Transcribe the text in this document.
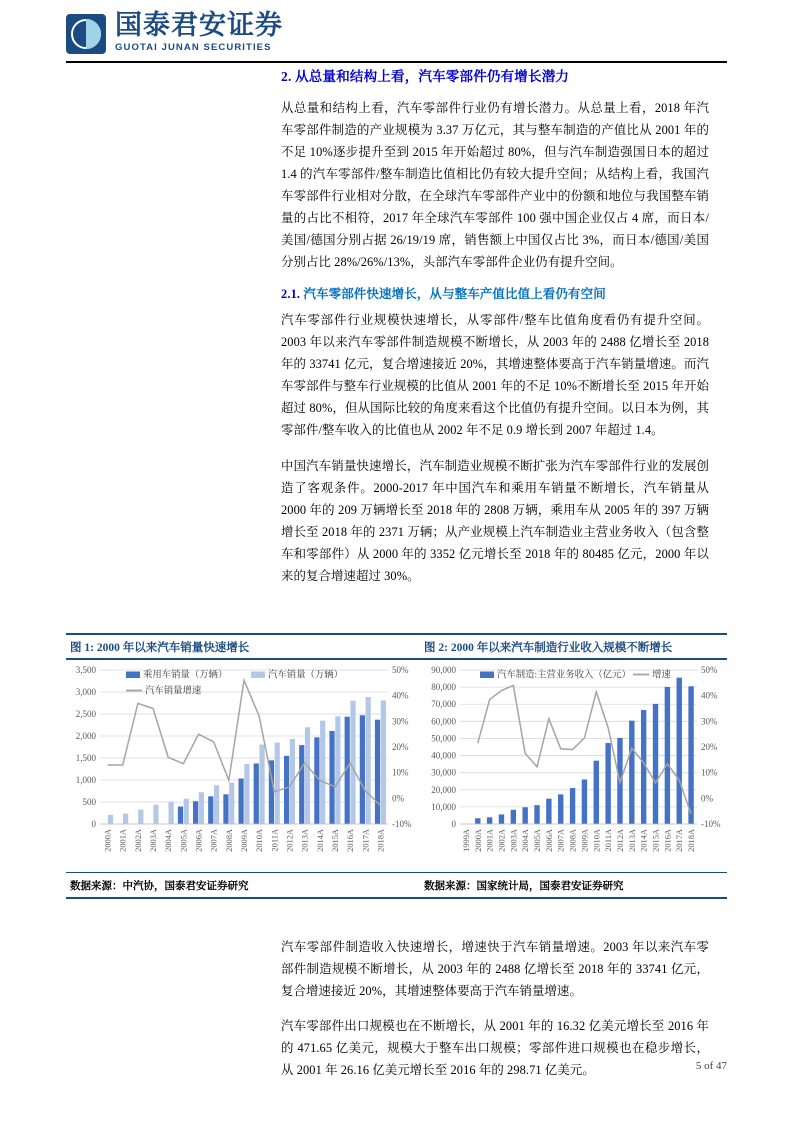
国泰君安证券
GUOTAI JUNAN SECURITIES
2. 从总量和结构上看，汽车零部件仍有增长潜力

从总量和结构上看，汽车零部件行业仍有增长潜力。从总量上看，2018 年汽车零部件制造的产业规模为 3.37 万亿元，其与整车制造的产值比从 2001 年的不足 10%逐步提升至到 2015 年开始超过 80%，但与汽车制造强国日本的超过 1.4 的汽车零部件/整车制造比值相比仍有较大提升空间；从结构上看，我国汽车零部件行业相对分散，在全球汽车零部件产业中的份额和地位与我国整车销量的占比不相符，2017 年全球汽车零部件 100 强中国企业仅占 4 席，而日本/美国/德国分别占据 26/19/19 席，销售额上中国仅占比 3%，而日本/德国/美国分别占比 28%/26%/13%，头部汽车零部件企业仍有提升空间。

2.1. 汽车零部件快速增长，从与整车产值比值上看仍有空间

汽车零部件行业规模快速增长，从零部件/整车比值角度看仍有提升空间。2003 年以来汽车零部件制造规模不断增长，从 2003 年的 2488 亿增长至 2018 年的 33741 亿元，复合增速接近 20%，其增速整体要高于汽车销量增速。而汽车零部件与整车行业规模的比值从 2001 年的不足 10%不断增长至 2015 年开始超过 80%，但从国际比较的角度来看这个比值仍有提升空间。以日本为例，其零部件/整车收入的比值也从 2002 年不足 0.9 增长到 2007 年超过 1.4。

中国汽车销量快速增长，汽车制造业规模不断扩张为汽车零部件行业的发展创造了客观条件。2000-2017 年中国汽车和乘用车销量不断增长，汽车销量从 2000 年的 209 万辆增长至 2018 年的 2808 万辆，乘用车从 2005 年的 397 万辆增长至 2018 年的 2371 万辆；从产业规模上汽车制造业主营业务收入（包含整车和零部件）从 2000 年的 3352 亿元增长至 2018 年的 80485 亿元，2000 年以来的复合增速超过 30%。

图 1: 2000 年以来汽车销量快速增长	图 2: 2000 年以来汽车制造行业收入规模不断增长
0
500
1,000
1,500
2,000
2,500
3,000
3,500
-10%
0%
10%
20%
30%
40%
50%
2000A 2001A 2002A 2003A 2004A 2005A 2006A 2007A 2008A 2009A 2010A 2011A 2012A 2013A 2014A 2015A 2016A 2017A 2018A
乘用车销量（万辆）	汽车销量（万辆）
汽车销量增速
0
10,000
20,000
30,000
40,000
50,000
60,000
70,000
80,000
90,000
-10%
0%
10%
20%
30%
40%
50%
1999A 2000A 2001A 2002A 2003A 2004A 2005A 2006A 2007A 2008A 2009A 2010A 2011A 2012A 2013A 2014A 2015A 2016A 2017A 2018A
汽车制造:主营业务收入（亿元） 增速
数据来源：中汽协，国泰君安证券研究	数据来源：国家统计局，国泰君安证券研究

汽车零部件制造收入快速增长，增速快于汽车销量增速。2003 年以来汽车零部件制造规模不断增长，从 2003 年的 2488 亿增长至 2018 年的 33741 亿元，复合增速接近 20%，其增速整体要高于汽车销量增速。

汽车零部件出口规模也在不断增长，从 2001 年的 16.32 亿美元增长至 2016 年的 471.65 亿美元，规模大于整车出口规模；零部件进口规模也在稳步增长，从 2001 年 26.16 亿美元增长至 2016 年的 298.71 亿美元。	5 of 47
